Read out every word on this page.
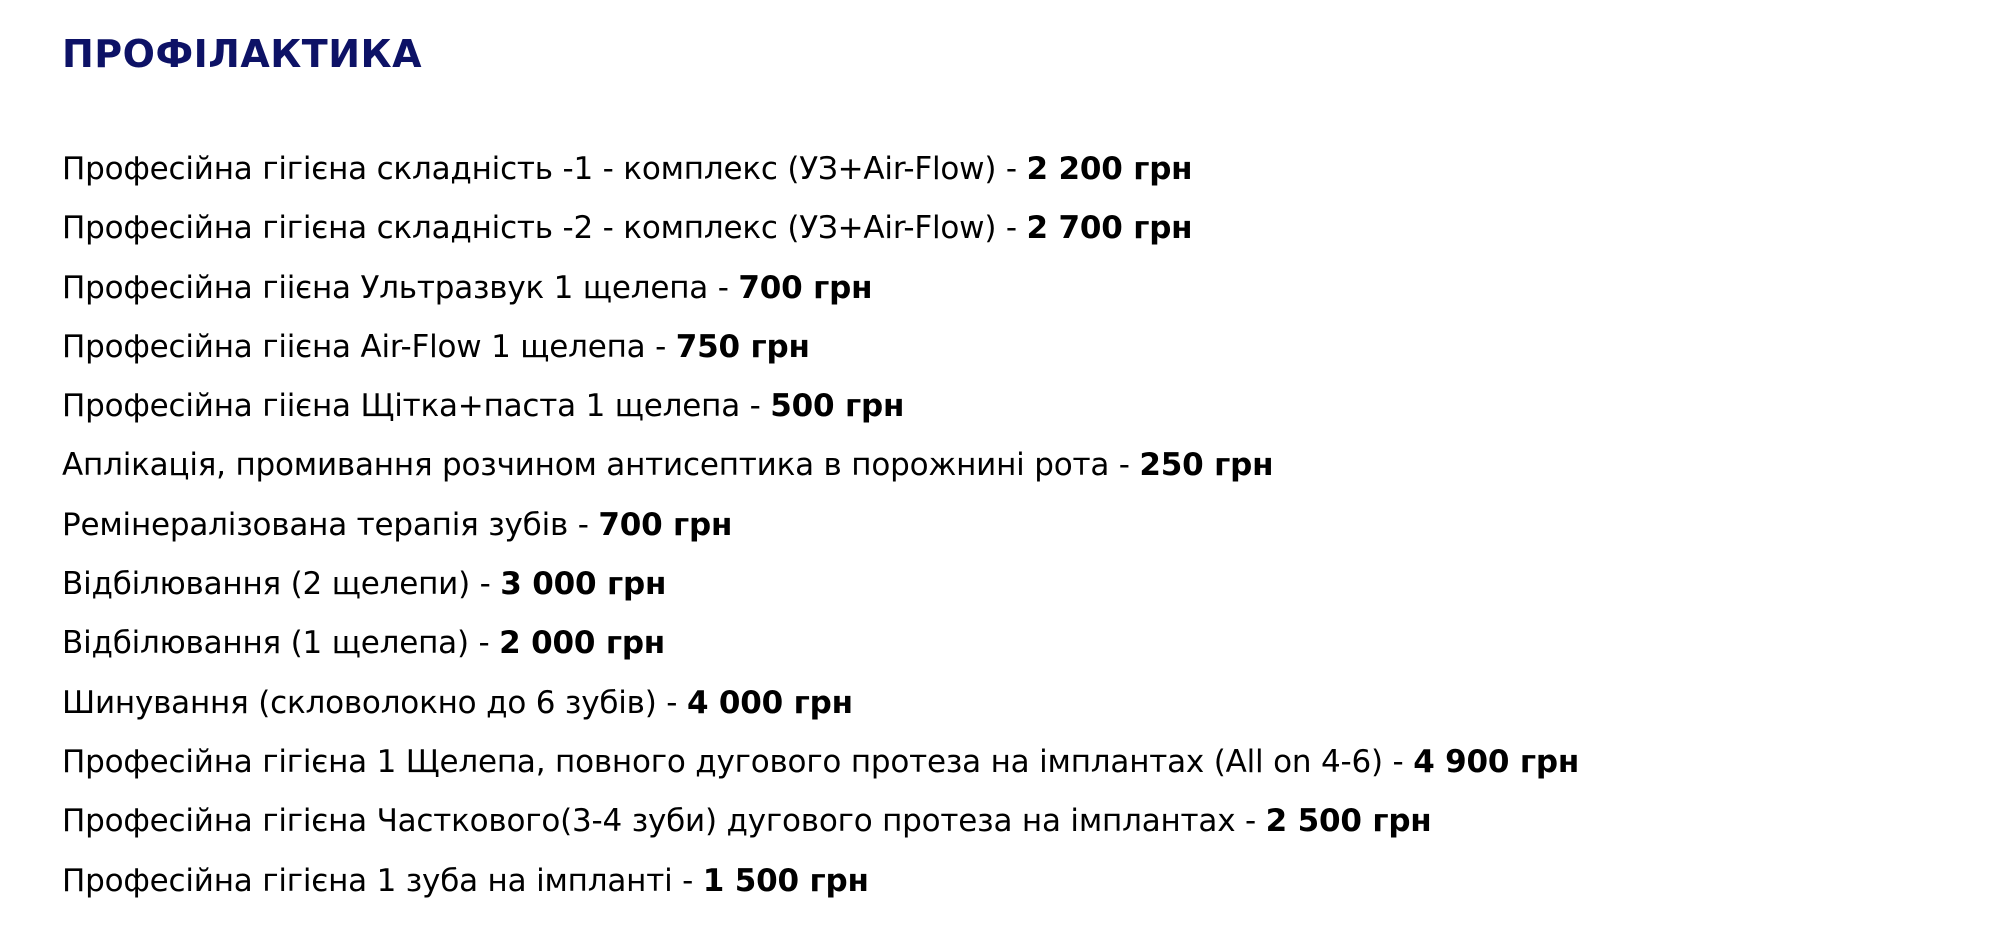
ПРОФІЛАКТИКА
Професійна гігієна складність -1 - комплекс (УЗ+Air-Flow) - 2 200 грн
Професійна гігієна складність -2 - комплекс (УЗ+Air-Flow) - 2 700 грн
Професійна гіієна Ультразвук 1 щелепа - 700 грн
Професійна гіієна Air-Flow 1 щелепа - 750 грн
Професійна гіієна Щітка+паста 1 щелепа - 500 грн
Аплікація, промивання розчином антисептика в порожнині рота - 250 грн
Ремінералізована терапія зубів - 700 грн
Відбілювання (2 щелепи) - 3 000 грн
Відбілювання (1 щелепа) - 2 000 грн
Шинування (скловолокно до 6 зубів) - 4 000 грн
Професійна гігієна 1 Щелепа, повного дугового протеза на імплантах (All on 4-6) - 4 900 грн
Професійна гігієна Часткового(3-4 зуби) дугового протеза на імплантах - 2 500 грн
Професійна гігієна 1 зуба на імпланті - 1 500 грн
